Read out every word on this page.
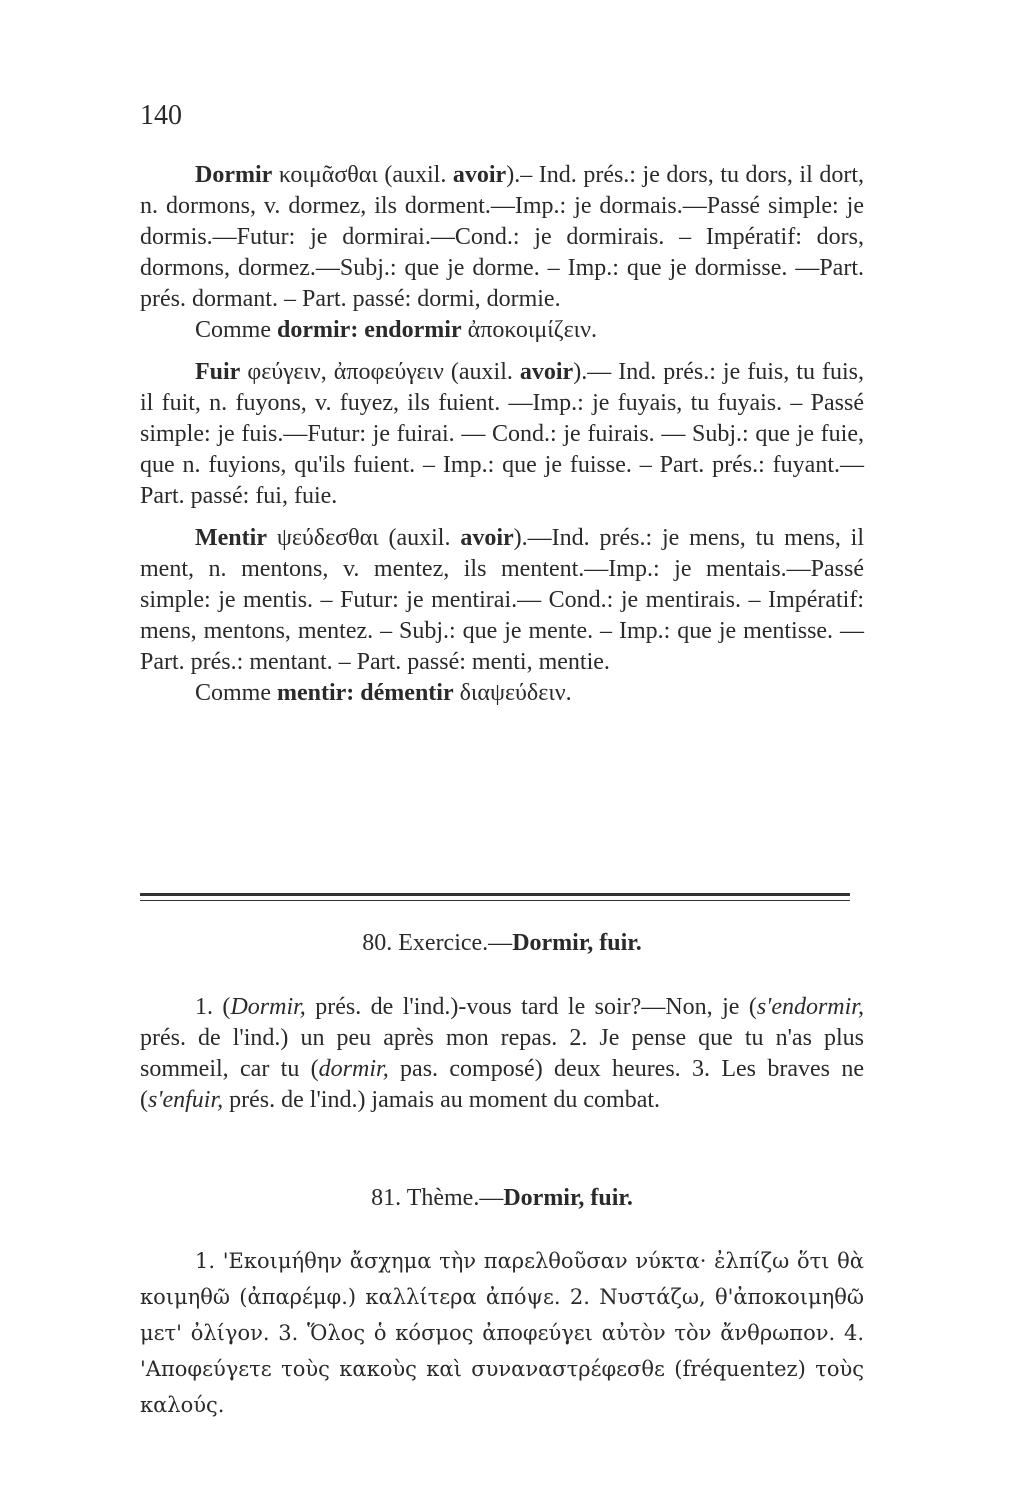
140

Dormir κοιμᾶσθαι (auxil. avoir).– Ind. prés.: je dors, tu dors, il dort, n. dormons, v. dormez, ils dorment.—Imp.: je dormais.—Passé simple: je dormis.—Futur: je dormirai.—Cond.: je dormirais. – Impératif: dors, dormons, dormez.—Subj.: que je dorme. – Imp.: que je dormisse. —Part. prés. dormant. – Part. passé: dormi, dormie.

Comme dormir: endormir ἀποκοιμίζειν.

Fuir φεύγειν, ἀποφεύγειν (auxil. avoir).— Ind. prés.: je fuis, tu fuis, il fuit, n. fuyons, v. fuyez, ils fuient. —Imp.: je fuyais, tu fuyais. – Passé simple: je fuis.—Futur: je fuirai. — Cond.: je fuirais. — Subj.: que je fuie, que n. fuyions, qu'ils fuient. – Imp.: que je fuisse. – Part. prés.: fuyant.— Part. passé: fui, fuie.

Mentir ψεύδεσθαι (auxil. avoir).—Ind. prés.: je mens, tu mens, il ment, n. mentons, v. mentez, ils mentent.—Imp.: je mentais.—Passé simple: je mentis. – Futur: je mentirai.— Cond.: je mentirais. – Impératif: mens, mentons, mentez. – Subj.: que je mente. – Imp.: que je mentisse. —Part. prés.: mentant. – Part. passé: menti, mentie.

Comme mentir: démentir διαψεύδειν.

80. Exercice.—Dormir, fuir.

1. (Dormir, prés. de l'ind.)-vous tard le soir?—Non, je (s'endormir, prés. de l'ind.) un peu après mon repas. 2. Je pense que tu n'as plus sommeil, car tu (dormir, pas. composé) deux heures. 3. Les braves ne (s'enfuir, prés. de l'ind.) jamais au moment du combat.

81. Thème.—Dormir, fuir.

1. 'Εκοιμήθην ἄσχημα τὴν παρελθοῦσαν νύκτα· ἐλπίζω ὅτι θὰ κοιμηθῶ (ἀπαρέμφ.) καλλίτερα ἀπόψε. 2. Νυστάζω, θ'ἀποκοιμηθῶ μετ' ὀλίγον. 3. Ὅλος ὁ κόσμος ἀποφεύγει αὐτὸν τὸν ἄνθρωπον. 4. 'Αποφεύγετε τοὺς κακοὺς καὶ συναναστρέφεσθε (fréquentez) τοὺς καλούς.
